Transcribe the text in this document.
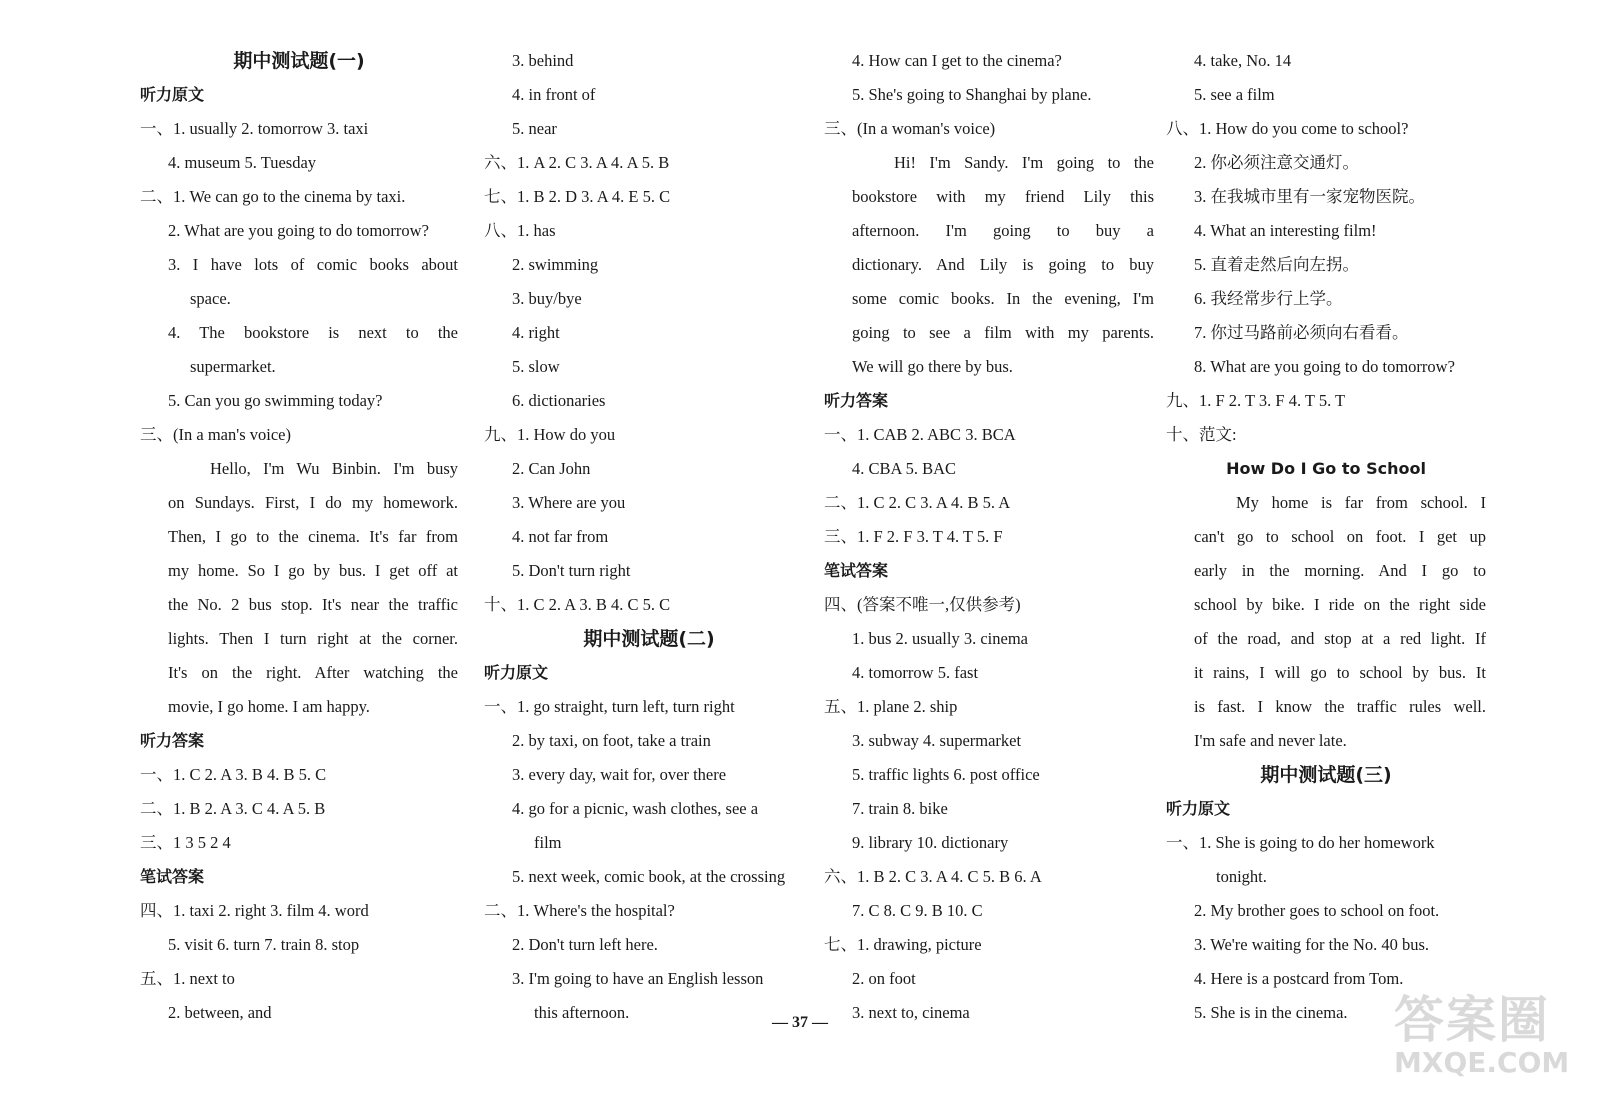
期中测试题(一)
听力原文
一、1. usually 2. tomorrow 3. taxi
4. museum 5. Tuesday
二、1. We can go to the cinema by taxi.
2. What are you going to do tomorrow?
3. I have lots of comic books about
space.
4. The bookstore is next to the
supermarket.
5. Can you go swimming today?
三、(In a man's voice)
Hello, I'm Wu Binbin. I'm busy
on Sundays. First, I do my homework.
Then, I go to the cinema. It's far from
my home. So I go by bus. I get off at
the No. 2 bus stop. It's near the traffic
lights. Then I turn right at the corner.
It's on the right. After watching the
movie, I go home. I am happy.
听力答案
一、1. C 2. A 3. B 4. B 5. C
二、1. B 2. A 3. C 4. A 5. B
三、1 3 5 2 4
笔试答案
四、1. taxi 2. right 3. film 4. word
5. visit 6. turn 7. train 8. stop
五、1. next to
2. between, and
3. behind
4. in front of
5. near
六、1. A 2. C 3. A 4. A 5. B
七、1. B 2. D 3. A 4. E 5. C
八、1. has
2. swimming
3. buy/bye
4. right
5. slow
6. dictionaries
九、1. How do you
2. Can John
3. Where are you
4. not far from
5. Don't turn right
十、1. C 2. A 3. B 4. C 5. C
期中测试题(二)
听力原文
一、1. go straight, turn left, turn right
2. by taxi, on foot, take a train
3. every day, wait for, over there
4. go for a picnic, wash clothes, see a
film
5. next week, comic book, at the crossing
二、1. Where's the hospital?
2. Don't turn left here.
3. I'm going to have an English lesson
this afternoon.
4. How can I get to the cinema?
5. She's going to Shanghai by plane.
三、(In a woman's voice)
Hi! I'm Sandy. I'm going to the
bookstore with my friend Lily this
afternoon. I'm going to buy a
dictionary. And Lily is going to buy
some comic books. In the evening, I'm
going to see a film with my parents.
We will go there by bus.
听力答案
一、1. CAB 2. ABC 3. BCA
4. CBA 5. BAC
二、1. C 2. C 3. A 4. B 5. A
三、1. F 2. F 3. T 4. T 5. F
笔试答案
四、(答案不唯一,仅供参考)
1. bus 2. usually 3. cinema
4. tomorrow 5. fast
五、1. plane 2. ship
3. subway 4. supermarket
5. traffic lights 6. post office
7. train 8. bike
9. library 10. dictionary
六、1. B 2. C 3. A 4. C 5. B 6. A
7. C 8. C 9. B 10. C
七、1. drawing, picture
2. on foot
3. next to, cinema
4. take, No. 14
5. see a film
八、1. How do you come to school?
2. 你必须注意交通灯。
3. 在我城市里有一家宠物医院。
4. What an interesting film!
5. 直着走然后向左拐。
6. 我经常步行上学。
7. 你过马路前必须向右看看。
8. What are you going to do tomorrow?
九、1. F 2. T 3. F 4. T 5. T
十、范文:
How Do I Go to School
My home is far from school. I
can't go to school on foot. I get up
early in the morning. And I go to
school by bike. I ride on the right side
of the road, and stop at a red light. If
it rains, I will go to school by bus. It
is fast. I know the traffic rules well.
I'm safe and never late.
期中测试题(三)
听力原文
一、1. She is going to do her homework
tonight.
2. My brother goes to school on foot.
3. We're waiting for the No. 40 bus.
4. Here is a postcard from Tom.
5. She is in the cinema.
— 37 —	答案圈
MXQE.COM
